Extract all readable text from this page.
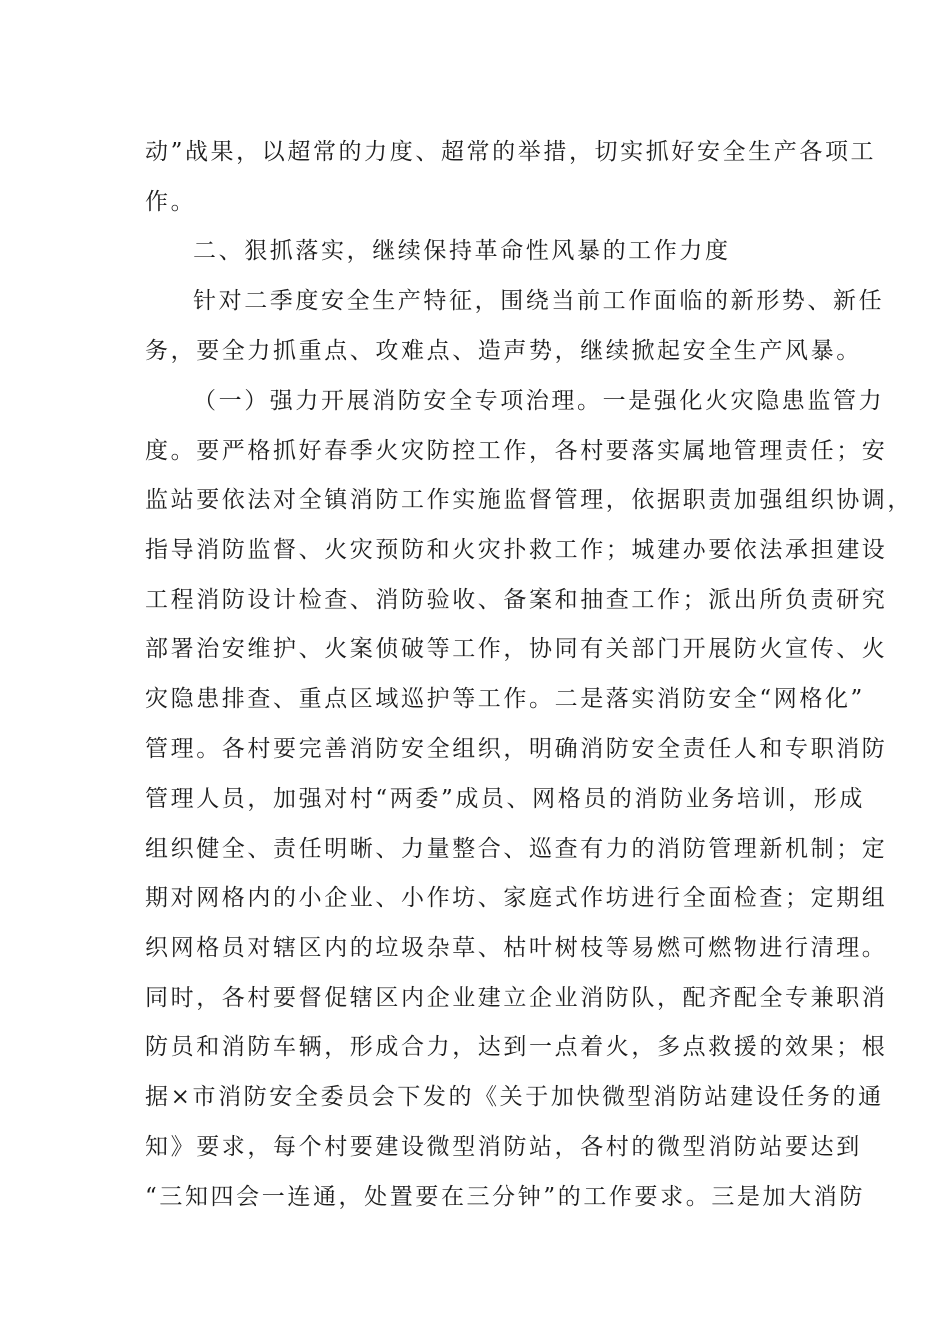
动”战果，以超常的力度、超常的举措，切实抓好安全生产各项工
作。
二、狠抓落实，继续保持革命性风暴的工作力度
针对二季度安全生产特征，围绕当前工作面临的新形势、新任
务，要全力抓重点、攻难点、造声势，继续掀起安全生产风暴。
（一）强力开展消防安全专项治理。一是强化火灾隐患监管力
度。要严格抓好春季火灾防控工作，各村要落实属地管理责任；安
监站要依法对全镇消防工作实施监督管理，依据职责加强组织协调，
指导消防监督、火灾预防和火灾扑救工作；城建办要依法承担建设
工程消防设计检查、消防验收、备案和抽查工作；派出所负责研究
部署治安维护、火案侦破等工作，协同有关部门开展防火宣传、火
灾隐患排查、重点区域巡护等工作。二是落实消防安全“网格化”
管理。各村要完善消防安全组织，明确消防安全责任人和专职消防
管理人员，加强对村“两委”成员、网格员的消防业务培训，形成
组织健全、责任明晰、力量整合、巡查有力的消防管理新机制；定
期对网格内的小企业、小作坊、家庭式作坊进行全面检查；定期组
织网格员对辖区内的垃圾杂草、枯叶树枝等易燃可燃物进行清理。
同时，各村要督促辖区内企业建立企业消防队，配齐配全专兼职消
防员和消防车辆，形成合力，达到一点着火，多点救援的效果；根
据×市消防安全委员会下发的《关于加快微型消防站建设任务的通
知》要求，每个村要建设微型消防站，各村的微型消防站要达到
“三知四会一连通，处置要在三分钟”的工作要求。三是加大消防
